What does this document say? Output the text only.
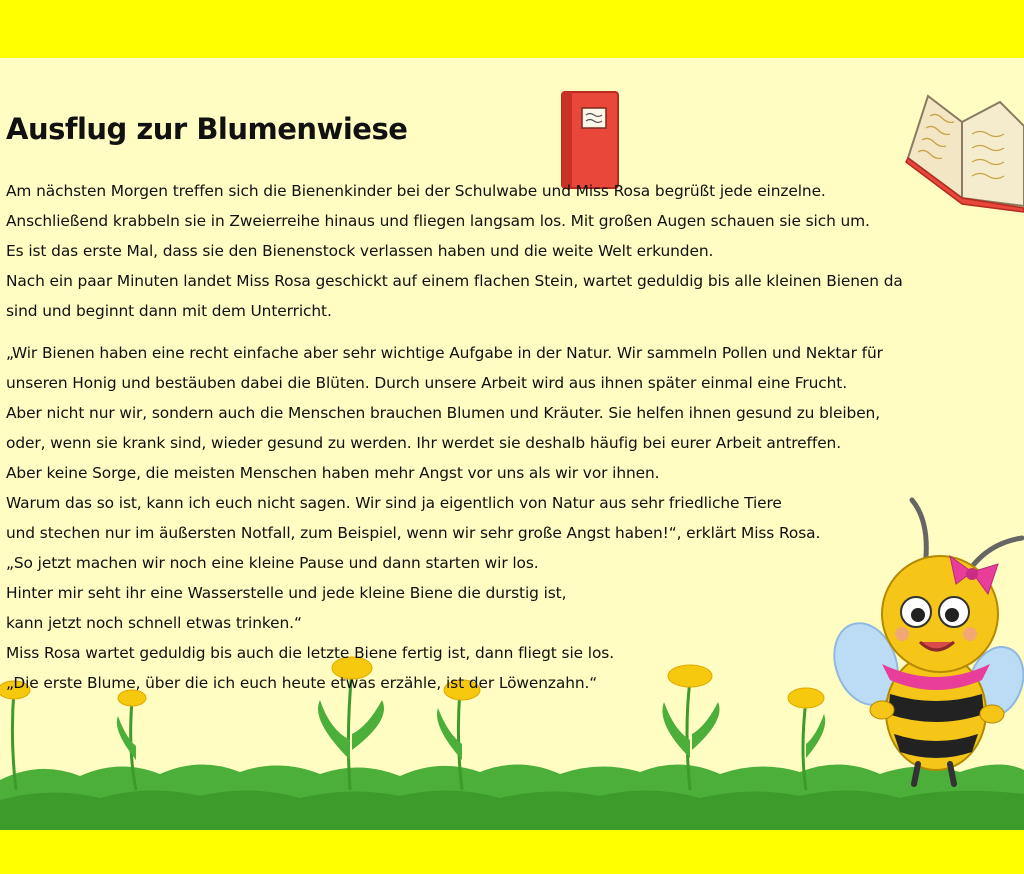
Ausflug zur Blumenwiese
Am nächsten Morgen treffen sich die Bienenkinder bei der Schulwabe und Miss Rosa begrüßt jede einzelne.
Anschließend krabbeln sie in Zweierreihe hinaus und fliegen langsam los. Mit großen Augen schauen sie sich um.
Es ist das erste Mal, dass sie den Bienenstock verlassen haben und die weite Welt erkunden.
Nach ein paar Minuten landet Miss Rosa geschickt auf einem flachen Stein, wartet geduldig bis alle kleinen Bienen da
sind und beginnt dann mit dem Unterricht.
„Wir Bienen haben eine recht einfache aber sehr wichtige Aufgabe in der Natur. Wir sammeln Pollen und Nektar für
unseren Honig und bestäuben dabei die Blüten. Durch unsere Arbeit wird aus ihnen später einmal eine Frucht.
Aber nicht nur wir, sondern auch die Menschen brauchen Blumen und Kräuter. Sie helfen ihnen gesund zu bleiben,
oder, wenn sie krank sind, wieder gesund zu werden. Ihr werdet sie deshalb häufig bei eurer Arbeit antreffen.
Aber keine Sorge, die meisten Menschen haben mehr Angst vor uns als wir vor ihnen.
Warum das so ist, kann ich euch nicht sagen. Wir sind ja eigentlich von Natur aus sehr friedliche Tiere
und stechen nur im äußersten Notfall, zum Beispiel, wenn wir sehr große Angst haben!“, erklärt Miss Rosa.
„So jetzt machen wir noch eine kleine Pause und dann starten wir los.
Hinter mir seht ihr eine Wasserstelle und jede kleine Biene die durstig ist,
kann jetzt noch schnell etwas trinken.“
Miss Rosa wartet geduldig bis auch die letzte Biene fertig ist, dann fliegt sie los.
„Die erste Blume, über die ich euch heute etwas erzähle, ist der Löwenzahn.“
